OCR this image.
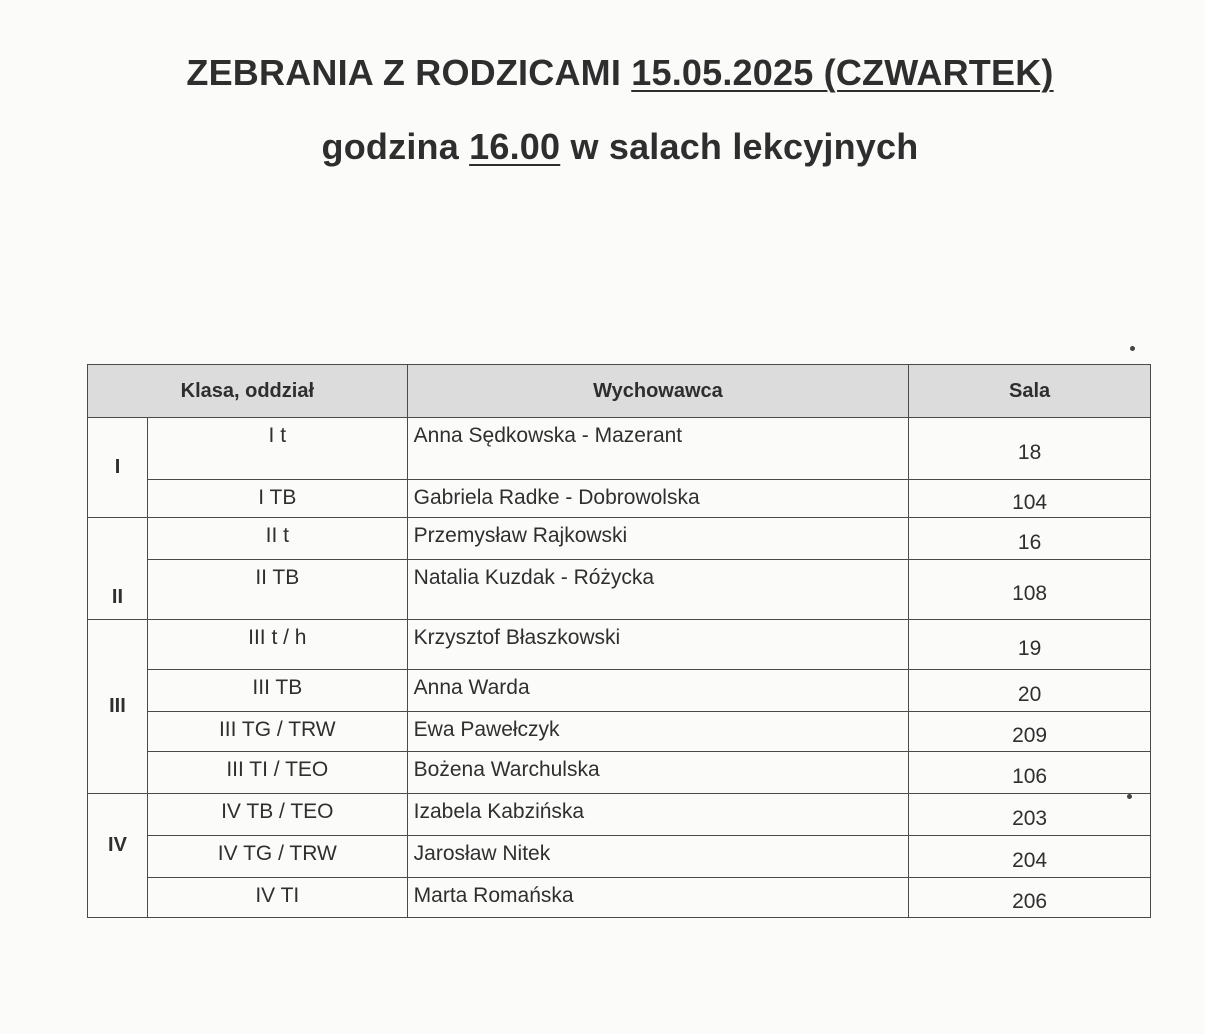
ZEBRANIA Z RODZICAMI 15.05.2025 (CZWARTEK)
godzina 16.00 w salach lekcyjnych
Klasa, oddział		Wychowawca	Sala
I	I t	Anna Sędkowska - Mazerant	18
	I TB	Gabriela Radke - Dobrowolska	104
II	II t	Przemysław Rajkowski	16
	II TB	Natalia Kuzdak - Różycka	108
III	III t / h	Krzysztof Błaszkowski	19
	III TB	Anna Warda	20
	III TG / TRW	Ewa Pawełczyk	209
	III TI / TEO	Bożena Warchulska	106
IV	IV TB / TEO	Izabela Kabzińska	203
	IV TG / TRW	Jarosław Nitek	204
	IV TI	Marta Romańska	206
